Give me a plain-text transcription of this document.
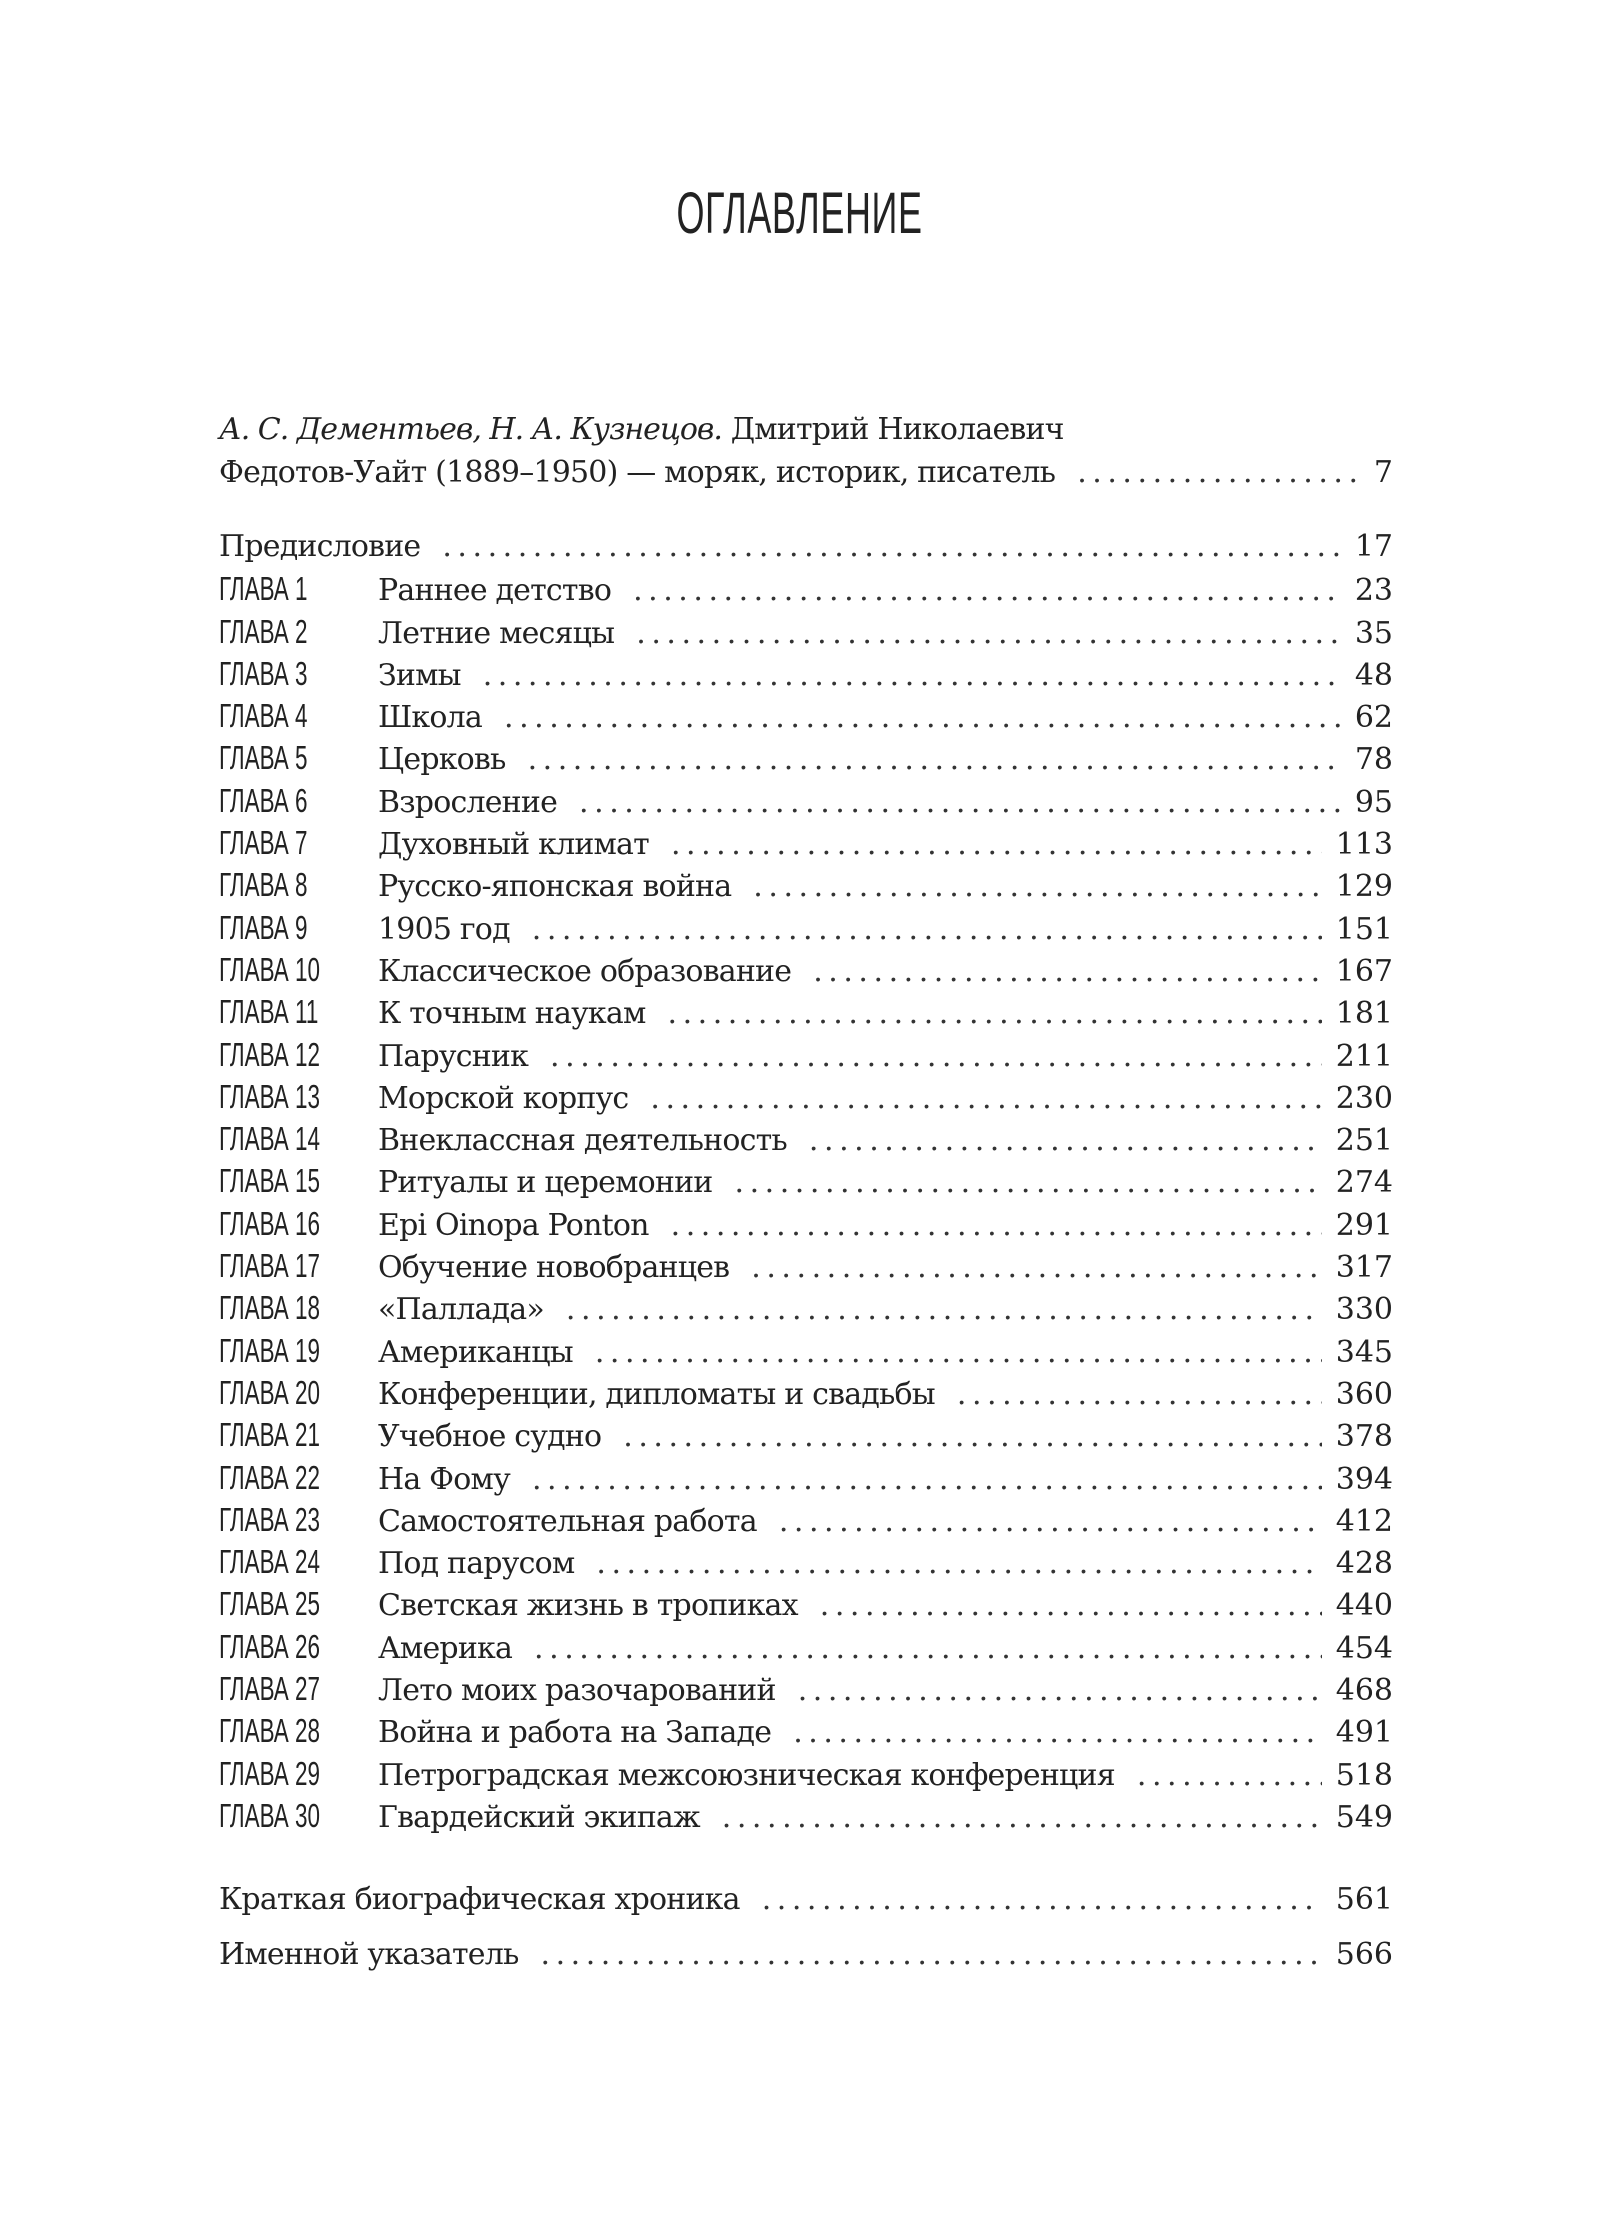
ОГЛАВЛЕНИЕ
А. С. Дементьев, Н. А. Кузнецов. Дмитрий Николаевич
Федотов-Уайт (1889–1950) — моряк, историк, писатель . . .	7
Предисловие . . .	17
ГЛАВА 1	Раннее детство . . .	23
ГЛАВА 2	Летние месяцы . . .	35
ГЛАВА 3	Зимы . . .	48
ГЛАВА 4	Школа . . .	62
ГЛАВА 5	Церковь . . .	78
ГЛАВА 6	Взросление . . .	95
ГЛАВА 7	Духовный климат . . .	113
ГЛАВА 8	Русско-японская война . . .	129
ГЛАВА 9	1905 год . . .	151
ГЛАВА 10	Классическое образование . . .	167
ГЛАВА 11	К точным наукам . . .	181
ГЛАВА 12	Парусник . . .	211
ГЛАВА 13	Морской корпус . . .	230
ГЛАВА 14	Внеклассная деятельность . . .	251
ГЛАВА 15	Ритуалы и церемонии . . .	274
ГЛАВА 16	Epi Oinopa Ponton . . .	291
ГЛАВА 17	Обучение новобранцев . . .	317
ГЛАВА 18	«Паллада» . . .	330
ГЛАВА 19	Американцы . . .	345
ГЛАВА 20	Конференции, дипломаты и свадьбы . . .	360
ГЛАВА 21	Учебное судно . . .	378
ГЛАВА 22	На Фому . . .	394
ГЛАВА 23	Самостоятельная работа . . .	412
ГЛАВА 24	Под парусом . . .	428
ГЛАВА 25	Светская жизнь в тропиках . . .	440
ГЛАВА 26	Америка . . .	454
ГЛАВА 27	Лето моих разочарований . . .	468
ГЛАВА 28	Война и работа на Западе . . .	491
ГЛАВА 29	Петроградская межсоюзническая конференция . . .	518
ГЛАВА 30	Гвардейский экипаж . . .	549
Краткая биографическая хроника . . .	561
Именной указатель . . .	566
